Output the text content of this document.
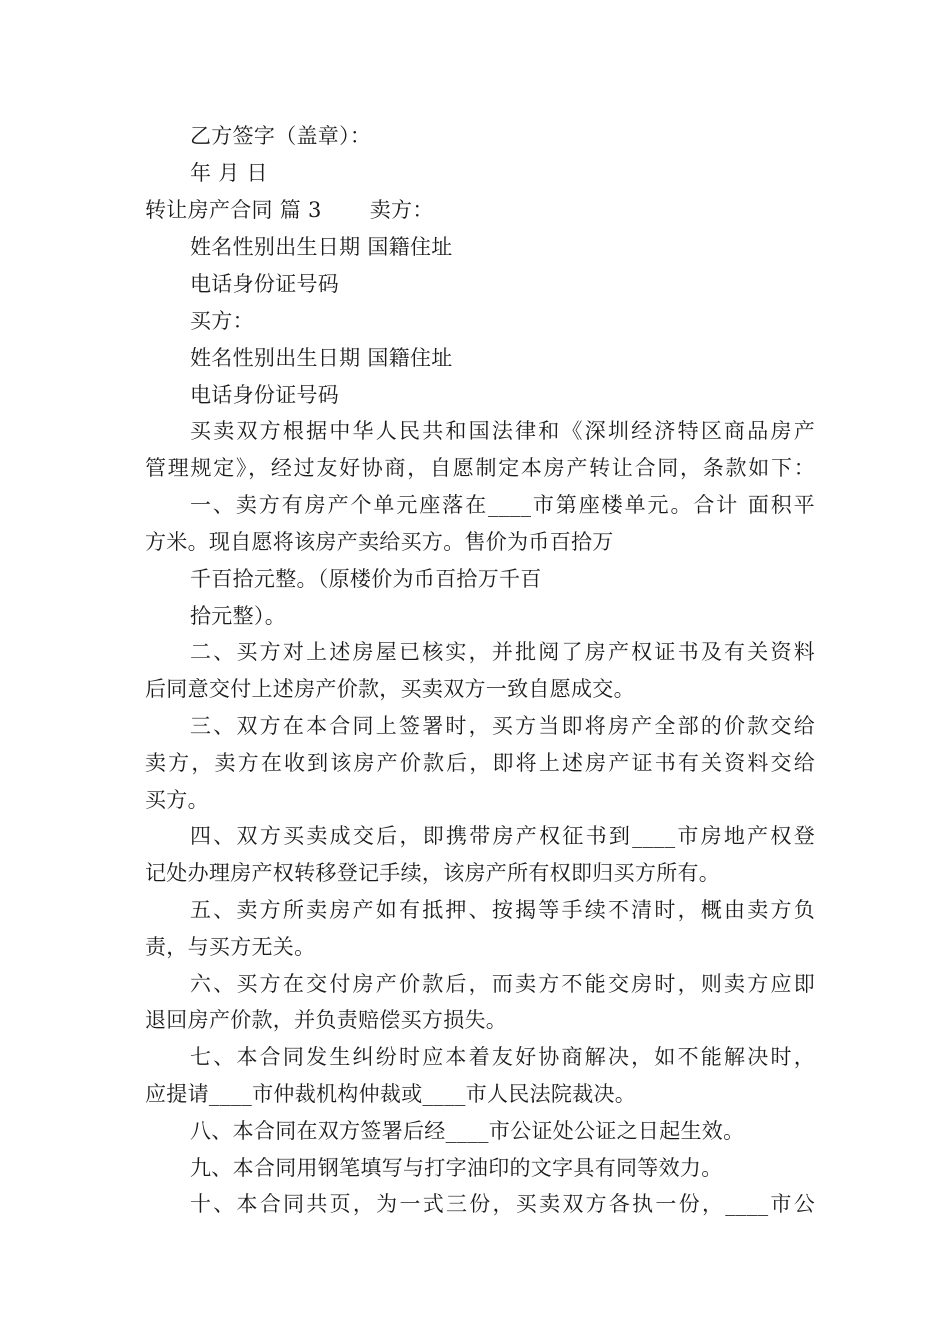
乙方签字（盖章）：
年 月 日
转让房产合同 篇 3 卖方：
姓名性别出生日期 国籍住址
电话身份证号码
买方：
姓名性别出生日期 国籍住址
电话身份证号码
买卖双方根据中华人民共和国法律和《深圳经济特区商品房产
管理规定》，经过友好协商，自愿制定本房产转让合同，条款如下：
一、卖方有房产个单元座落在____市第座楼单元。合计 面积平
方米。现自愿将该房产卖给买方。售价为币百拾万
千百拾元整。（原楼价为币百拾万千百
拾元整）。
二、买方对上述房屋已核实，并批阅了房产权证书及有关资料
后同意交付上述房产价款，买卖双方一致自愿成交。
三、双方在本合同上签署时，买方当即将房产全部的价款交给
卖方，卖方在收到该房产价款后，即将上述房产证书有关资料交给
买方。
四、双方买卖成交后，即携带房产权征书到____市房地产权登
记处办理房产权转移登记手续，该房产所有权即归买方所有。
五、卖方所卖房产如有抵押、按揭等手续不清时，概由卖方负
责，与买方无关。
六、买方在交付房产价款后，而卖方不能交房时，则卖方应即
退回房产价款，并负责赔偿买方损失。
七、本合同发生纠纷时应本着友好协商解决，如不能解决时，
应提请____市仲裁机构仲裁或____市人民法院裁决。
八、本合同在双方签署后经____市公证处公证之日起生效。
九、本合同用钢笔填写与打字油印的文字具有同等效力。
十、本合同共页，为一式三份，买卖双方各执一份，____市公
